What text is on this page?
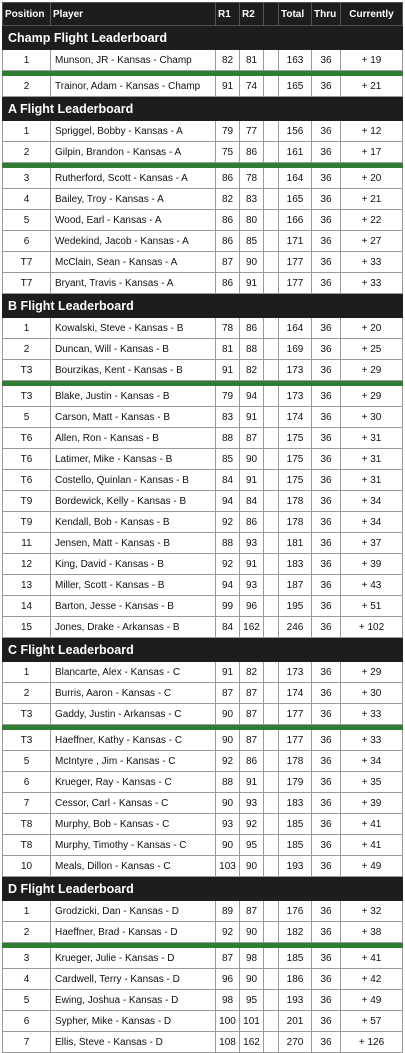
Position	Player	R1	R2		Total	Thru	Currently
Champ Flight Leaderboard							
1	Munson, JR - Kansas - Champ	82	81		163	36	+ 19

2	Trainor, Adam - Kansas - Champ	91	74		165	36	+ 21
A Flight Leaderboard							
1	Spriggel, Bobby - Kansas - A	79	77		156	36	+ 12
2	Gilpin, Brandon - Kansas - A	75	86		161	36	+ 17

3	Rutherford, Scott - Kansas - A	86	78		164	36	+ 20
4	Bailey, Troy - Kansas - A	82	83		165	36	+ 21
5	Wood, Earl - Kansas - A	86	80		166	36	+ 22
6	Wedekind, Jacob - Kansas - A	86	85		171	36	+ 27
T7	McClain, Sean - Kansas - A	87	90		177	36	+ 33
T7	Bryant, Travis - Kansas - A	86	91		177	36	+ 33
B Flight Leaderboard							
1	Kowalski, Steve - Kansas - B	78	86		164	36	+ 20
2	Duncan, Will - Kansas - B	81	88		169	36	+ 25
T3	Bourzikas, Kent - Kansas - B	91	82		173	36	+ 29

T3	Blake, Justin - Kansas - B	79	94		173	36	+ 29
5	Carson, Matt - Kansas - B	83	91		174	36	+ 30
T6	Allen, Ron - Kansas - B	88	87		175	36	+ 31
T6	Latimer, Mike - Kansas - B	85	90		175	36	+ 31
T6	Costello, Quinlan - Kansas - B	84	91		175	36	+ 31
T9	Bordewick, Kelly - Kansas - B	94	84		178	36	+ 34
T9	Kendall, Bob - Kansas - B	92	86		178	36	+ 34
11	Jensen, Matt - Kansas - B	88	93		181	36	+ 37
12	King, David - Kansas - B	92	91		183	36	+ 39
13	Miller, Scott - Kansas - B	94	93		187	36	+ 43
14	Barton, Jesse - Kansas - B	99	96		195	36	+ 51
15	Jones, Drake - Arkansas - B	84	162		246	36	+ 102
C Flight Leaderboard							
1	Blancarte, Alex - Kansas - C	91	82		173	36	+ 29
2	Burris, Aaron - Kansas - C	87	87		174	36	+ 30
T3	Gaddy, Justin - Arkansas - C	90	87		177	36	+ 33

T3	Haeffner, Kathy - Kansas - C	90	87		177	36	+ 33
5	McIntyre , Jim - Kansas - C	92	86		178	36	+ 34
6	Krueger, Ray - Kansas - C	88	91		179	36	+ 35
7	Cessor, Carl - Kansas - C	90	93		183	36	+ 39
T8	Murphy, Bob - Kansas - C	93	92		185	36	+ 41
T8	Murphy, Timothy - Kansas - C	90	95		185	36	+ 41
10	Meals, Dillon - Kansas - C	103	90		193	36	+ 49
D Flight Leaderboard							
1	Grodzicki, Dan - Kansas - D	89	87		176	36	+ 32
2	Haeffner, Brad - Kansas - D	92	90		182	36	+ 38

3	Krueger, Julie - Kansas - D	87	98		185	36	+ 41
4	Cardwell, Terry - Kansas - D	96	90		186	36	+ 42
5	Ewing, Joshua - Kansas - D	98	95		193	36	+ 49
6	Sypher, Mike - Kansas - D	100	101		201	36	+ 57
7	Ellis, Steve - Kansas - D	108	162		270	36	+ 126
